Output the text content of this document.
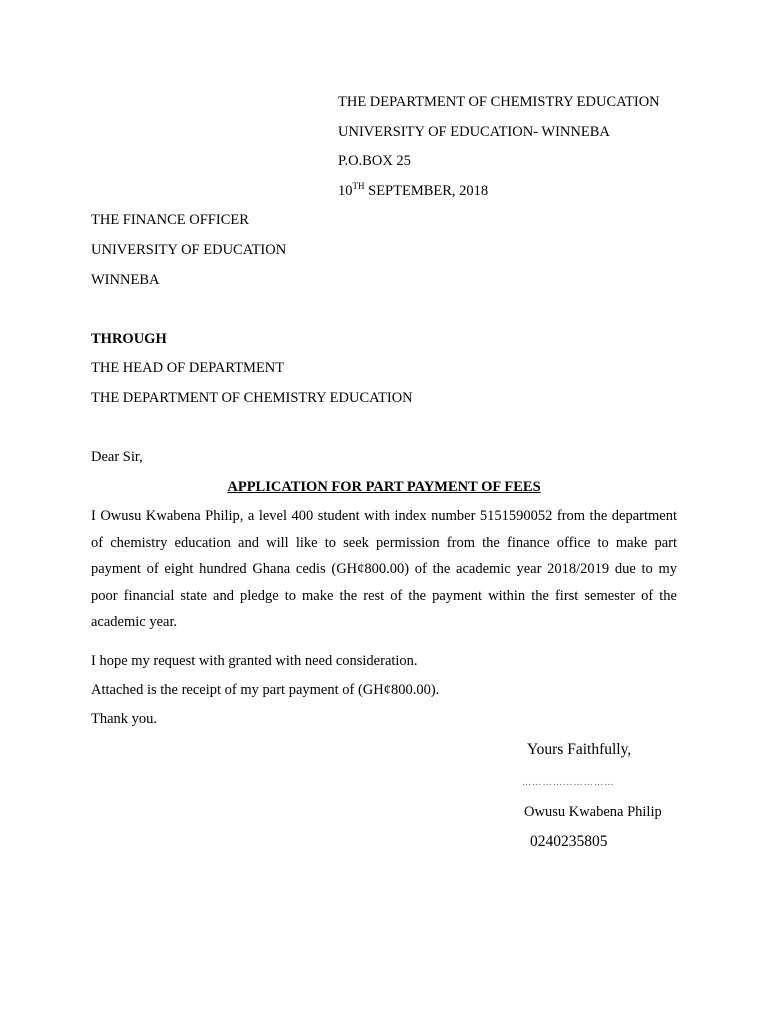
THE DEPARTMENT OF CHEMISTRY EDUCATION
UNIVERSITY OF EDUCATION- WINNEBA
P.O.BOX 25
10TH SEPTEMBER, 2018
THE FINANCE OFFICER
UNIVERSITY OF EDUCATION
WINNEBA
THROUGH
THE HEAD OF DEPARTMENT
THE DEPARTMENT OF CHEMISTRY EDUCATION
Dear Sir,
APPLICATION FOR PART PAYMENT OF FEES
I Owusu Kwabena Philip, a level 400 student with index number 5151590052 from the department of chemistry education and will like to seek permission from the finance office to make part payment of eight hundred Ghana cedis (GH¢800.00) of the academic year 2018/2019 due to my poor financial state and pledge to make the rest of the payment within the first semester of the academic year.
I hope my request with granted with need consideration.
Attached is the receipt of my part payment of (GH¢800.00).
Thank you.
Yours Faithfully,
………………………
Owusu Kwabena Philip
0240235805
